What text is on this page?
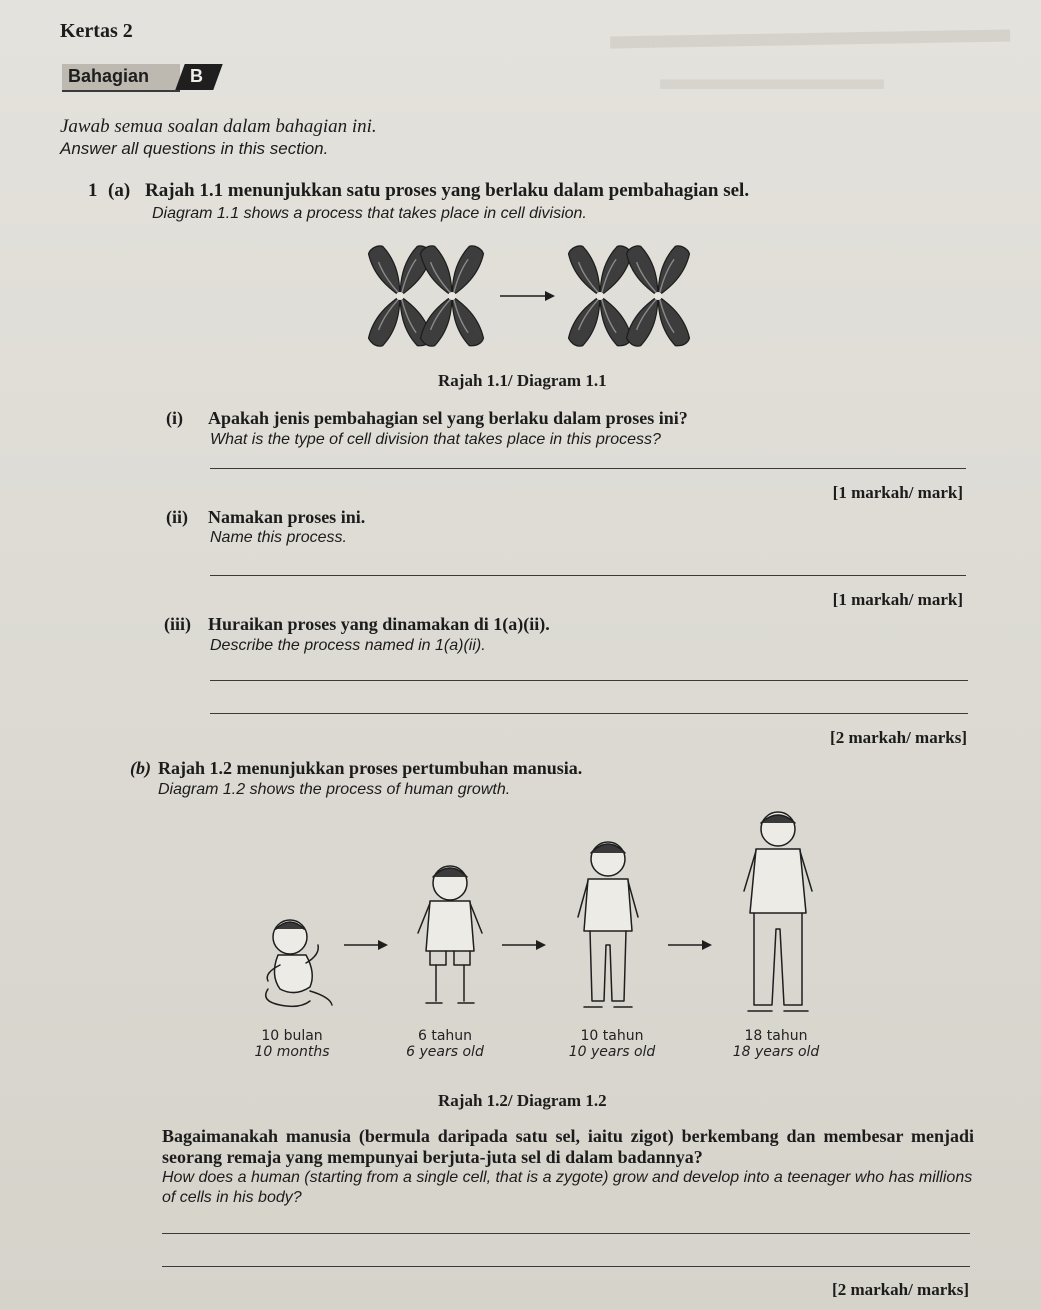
▬▬▬▬▬▬▬▬▬▬
▬▬▬▬▬▬▬
Kertas 2
Bahagian B
Jawab semua soalan dalam bahagian ini.
Answer all questions in this section.
1 (a) Rajah 1.1 menunjukkan satu proses yang berlaku dalam pembahagian sel.
Diagram 1.1 shows a process that takes place in cell division.
Rajah 1.1/ Diagram 1.1
(i) Apakah jenis pembahagian sel yang berlaku dalam proses ini?
What is the type of cell division that takes place in this process?
[1 markah/ mark]
(ii) Namakan proses ini.
Name this process.
[1 markah/ mark]
(iii) Huraikan proses yang dinamakan di 1(a)(ii).
Describe the process named in 1(a)(ii).
[2 markah/ marks]
(b) Rajah 1.2 menunjukkan proses pertumbuhan manusia.
Diagram 1.2 shows the process of human growth.
10 bulan
10 months
6 tahun
6 years old
10 tahun
10 years old
18 tahun
18 years old
Rajah 1.2/ Diagram 1.2
Bagaimanakah manusia (bermula daripada satu sel, iaitu zigot) berkembang dan membesar menjadi seorang remaja yang mempunyai berjuta-juta sel di dalam badannya?
How does a human (starting from a single cell, that is a zygote) grow and develop into a teenager who has millions of cells in his body?
[2 markah/ marks]
